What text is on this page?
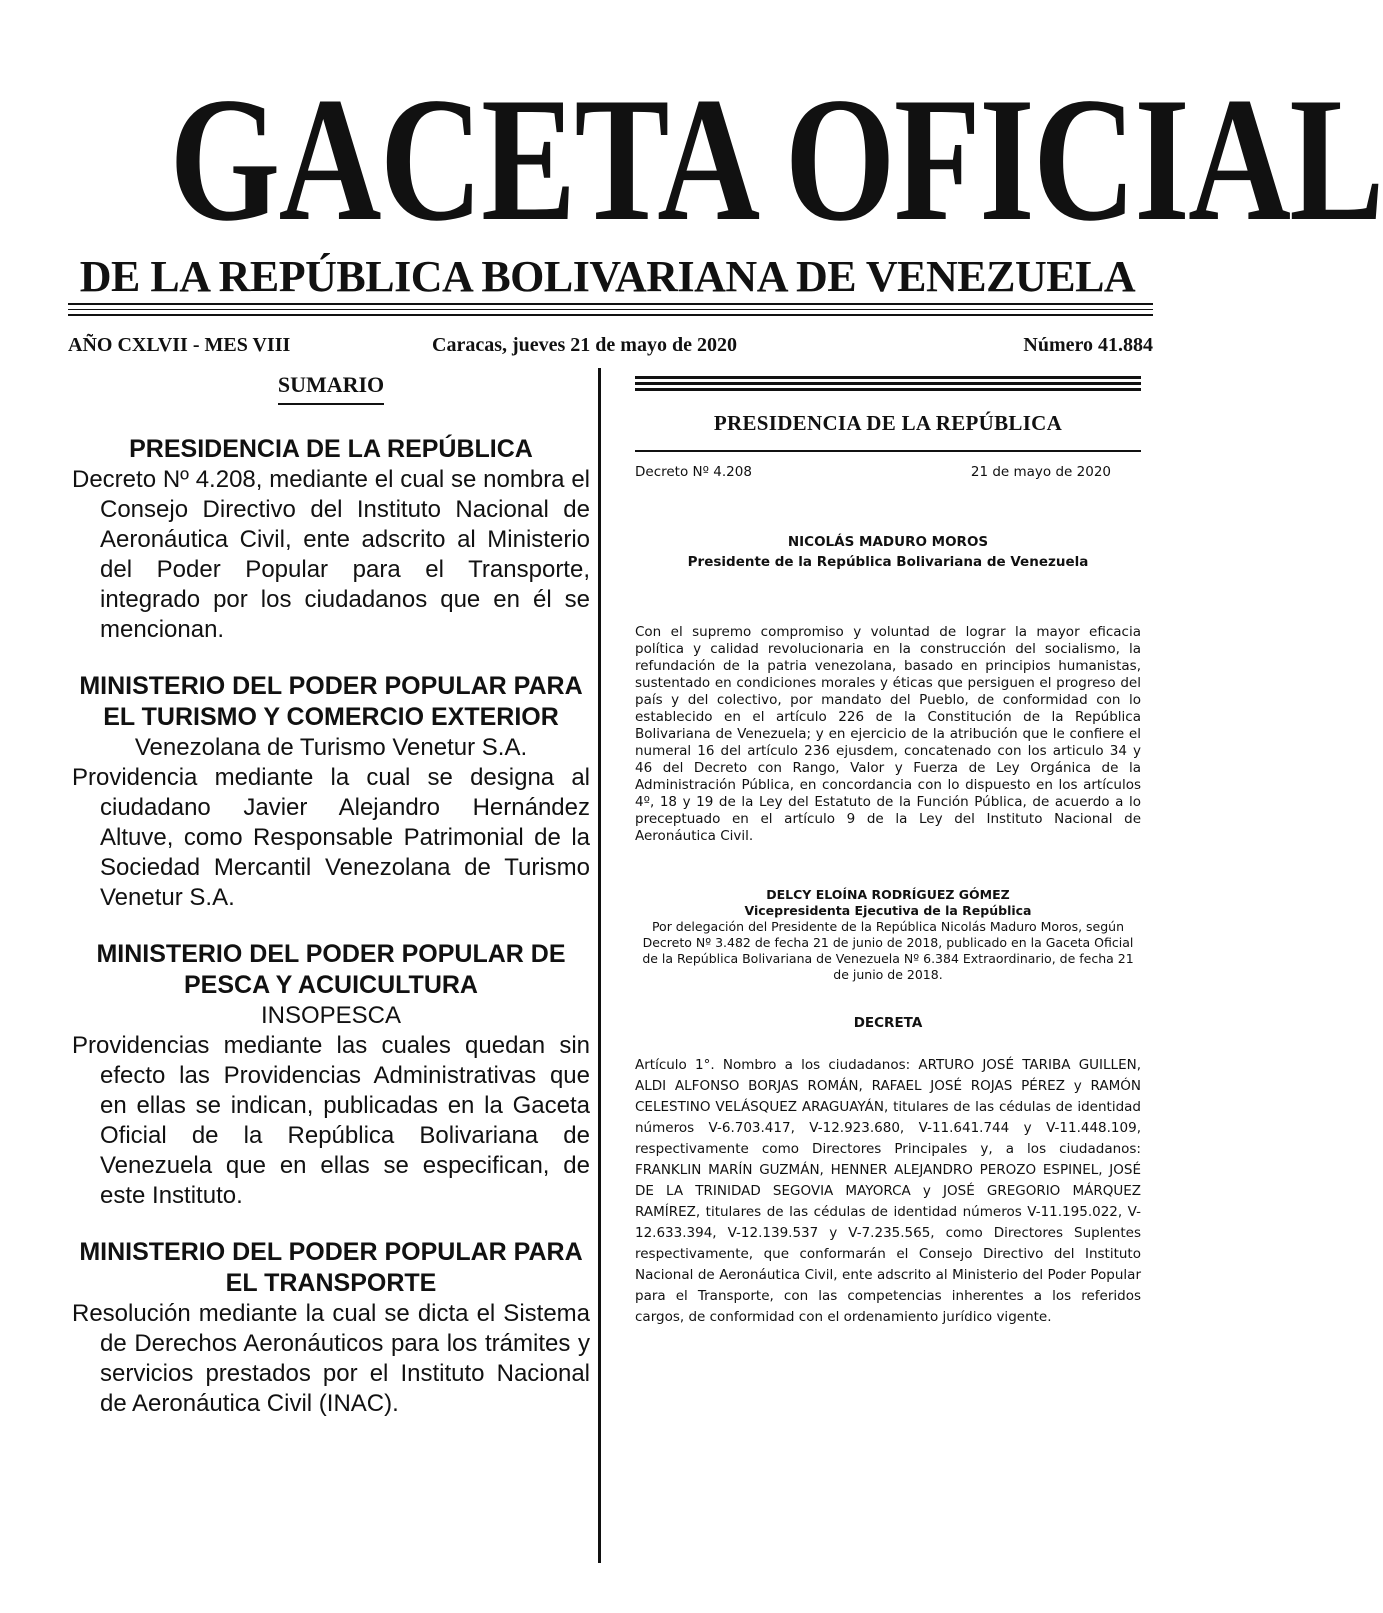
GACETA OFICIAL
DE LA REPÚBLICA BOLIVARIANA DE VENEZUELA
AÑO CXLVII - MES VIII	Caracas, jueves 21 de mayo de 2020	Número 41.884
SUMARIO

PRESIDENCIA DE LA REPÚBLICA

Decreto Nº 4.208, mediante el cual se nombra el Consejo Directivo del Instituto Nacional de Aeronáutica Civil, ente adscrito al Ministerio del Poder Popular para el Transporte, integrado por los ciudadanos que en él se mencionan.

MINISTERIO DEL PODER POPULAR PARA EL TURISMO Y COMERCIO EXTERIOR

Venezolana de Turismo Venetur S.A.

Providencia mediante la cual se designa al ciudadano Javier Alejandro Hernández Altuve, como Responsable Patrimonial de la Sociedad Mercantil Venezolana de Turismo Venetur S.A.

MINISTERIO DEL PODER POPULAR DE PESCA Y ACUICULTURA

INSOPESCA

Providencias mediante las cuales quedan sin efecto las Providencias Administrativas que en ellas se indican, publicadas en la Gaceta Oficial de la República Bolivariana de Venezuela que en ellas se especifican, de este Instituto.

MINISTERIO DEL PODER POPULAR PARA EL TRANSPORTE

Resolución mediante la cual se dicta el Sistema de Derechos Aeronáuticos para los trámites y servicios prestados por el Instituto Nacional de Aeronáutica Civil (INAC).

PRESIDENCIA DE LA REPÚBLICA

Decreto Nº 4.208	21 de mayo de 2020

NICOLÁS MADURO MOROS

Presidente de la República Bolivariana de Venezuela

Con el supremo compromiso y voluntad de lograr la mayor eficacia política y calidad revolucionaria en la construcción del socialismo, la refundación de la patria venezolana, basado en principios humanistas, sustentado en condiciones morales y éticas que persiguen el progreso del país y del colectivo, por mandato del Pueblo, de conformidad con lo establecido en el artículo 226 de la Constitución de la República Bolivariana de Venezuela; y en ejercicio de la atribución que le confiere el numeral 16 del artículo 236 ejusdem, concatenado con los articulo 34 y 46 del Decreto con Rango, Valor y Fuerza de Ley Orgánica de la Administración Pública, en concordancia con lo dispuesto en los artículos 4º, 18 y 19 de la Ley del Estatuto de la Función Pública, de acuerdo a lo preceptuado en el artículo 9 de la Ley del Instituto Nacional de Aeronáutica Civil.

DELCY ELOÍNA RODRÍGUEZ GÓMEZ

Vicepresidenta Ejecutiva de la República

Por delegación del Presidente de la República Nicolás Maduro Moros, según Decreto Nº 3.482 de fecha 21 de junio de 2018, publicado en la Gaceta Oficial de la República Bolivariana de Venezuela Nº 6.384 Extraordinario, de fecha 21 de junio de 2018.

DECRETA

Artículo 1°. Nombro a los ciudadanos: ARTURO JOSÉ TARIBA GUILLEN, ALDI ALFONSO BORJAS ROMÁN, RAFAEL JOSÉ ROJAS PÉREZ y RAMÓN CELESTINO VELÁSQUEZ ARAGUAYÁN, titulares de las cédulas de identidad números V-6.703.417, V-12.923.680, V-11.641.744 y V-11.448.109, respectivamente como Directores Principales y, a los ciudadanos: FRANKLIN MARÍN GUZMÁN, HENNER ALEJANDRO PEROZO ESPINEL, JOSÉ DE LA TRINIDAD SEGOVIA MAYORCA y JOSÉ GREGORIO MÁRQUEZ RAMÍREZ, titulares de las cédulas de identidad números V-11.195.022, V-12.633.394, V-12.139.537 y V-7.235.565, como Directores Suplentes respectivamente, que conformarán el Consejo Directivo del Instituto Nacional de Aeronáutica Civil, ente adscrito al Ministerio del Poder Popular para el Transporte, con las competencias inherentes a los referidos cargos, de conformidad con el ordenamiento jurídico vigente.
